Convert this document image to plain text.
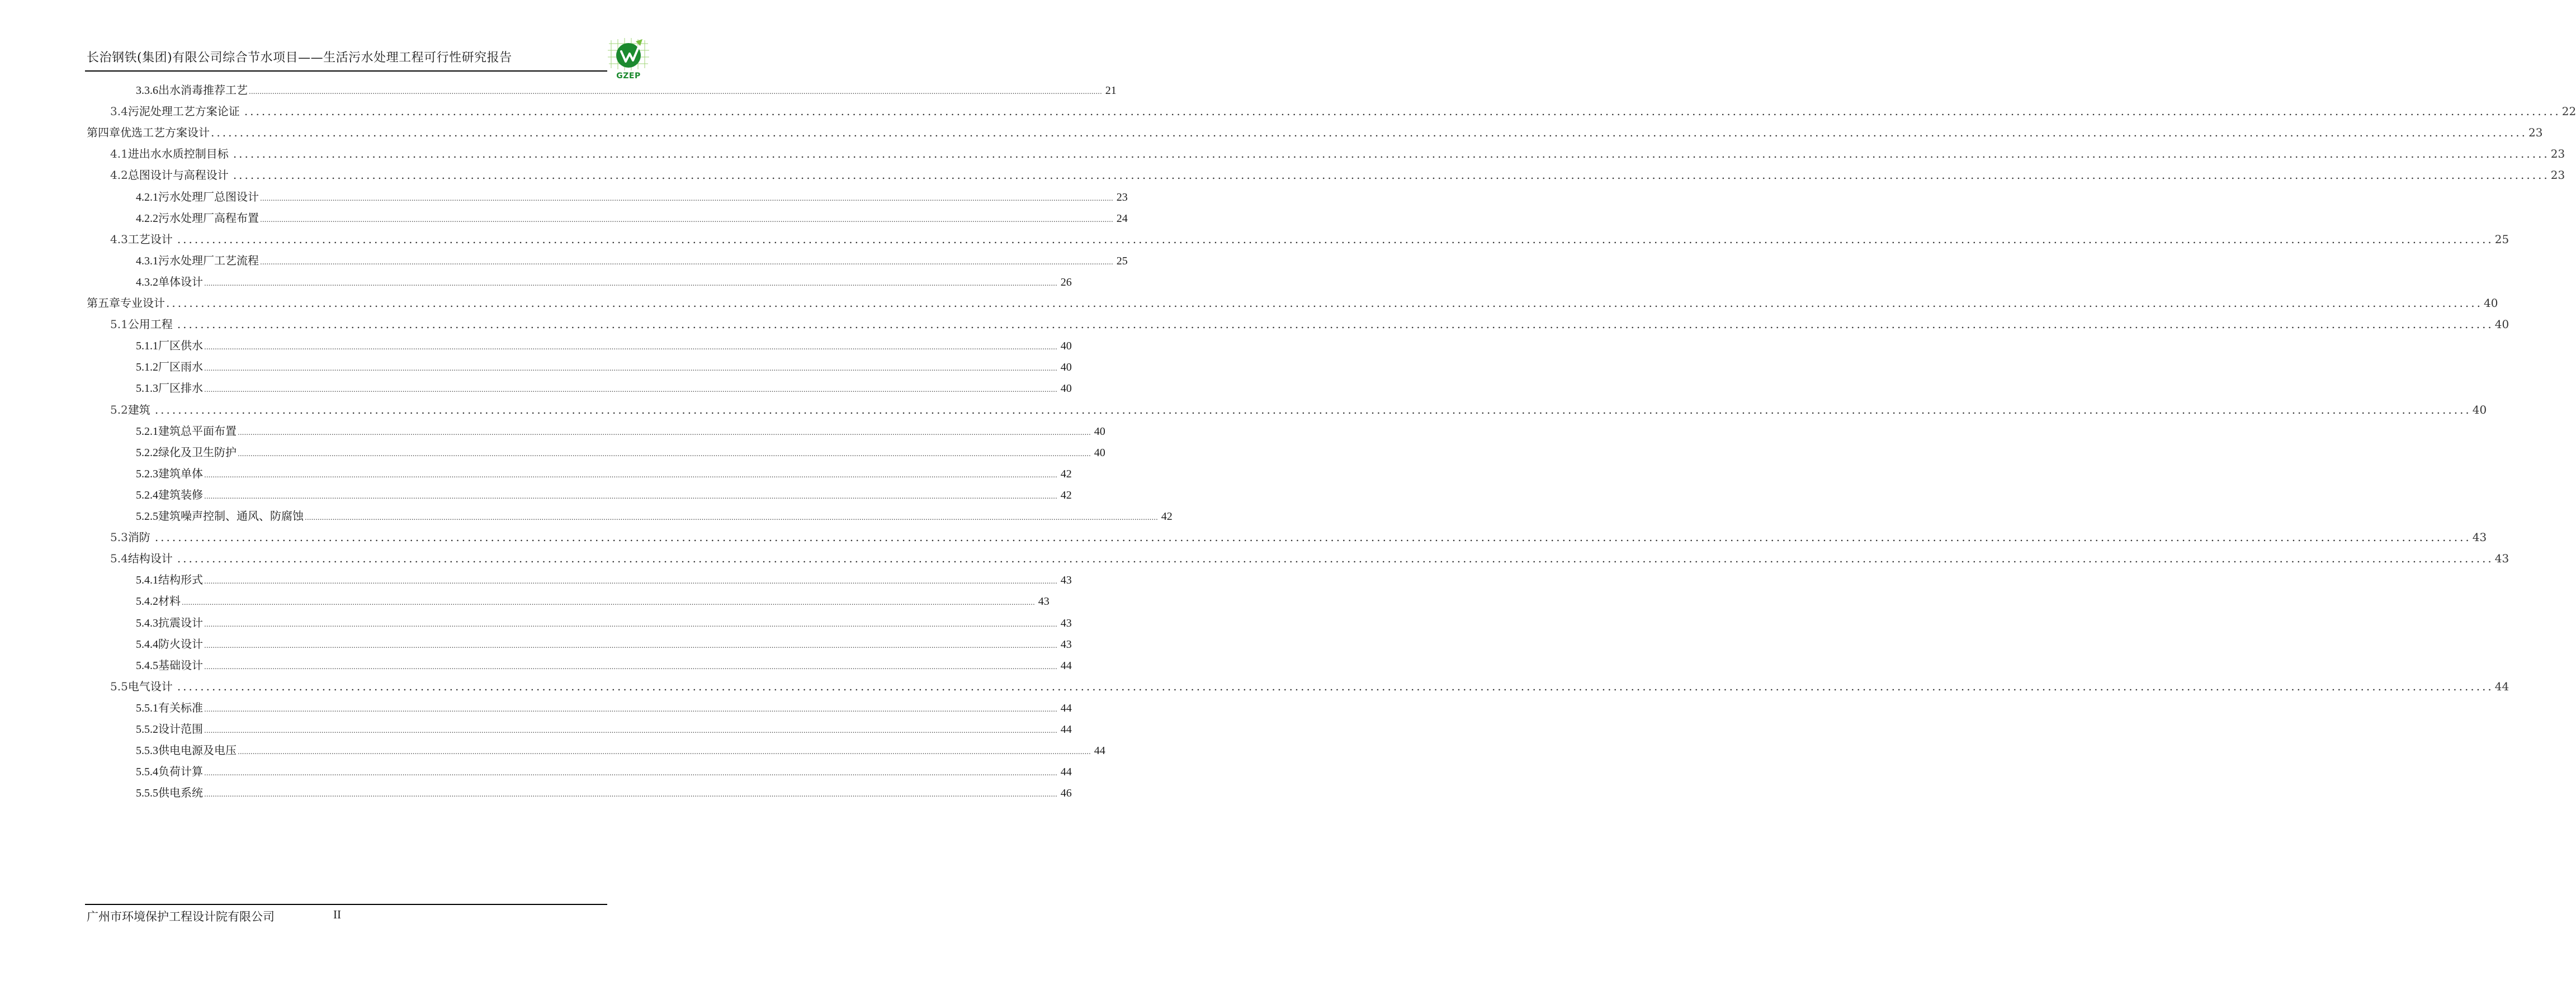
长治钢铁(集团)有限公司综合节水项目——生活污水处理工程可行性研究报告
GZEP
3.3.6 出水消毒推荐工艺 ................................................................................................................................................................................................................................................................................................................................................................................................................ 21
3.4 污泥处理工艺方案论证 ................................................................................................................................................................................................................................................................................................................................................................................................................ 22
第四章 优选工艺方案设计 ................................................................................................................................................................................................................................................................................................................................................................................................................ 23
4.1 进出水水质控制目标 ................................................................................................................................................................................................................................................................................................................................................................................................................ 23
4.2 总图设计与高程设计 ................................................................................................................................................................................................................................................................................................................................................................................................................ 23
4.2.1 污水处理厂总图设计 ................................................................................................................................................................................................................................................................................................................................................................................................................ 23
4.2.2 污水处理厂高程布置 ................................................................................................................................................................................................................................................................................................................................................................................................................ 24
4.3 工艺设计 ................................................................................................................................................................................................................................................................................................................................................................................................................ 25
4.3.1 污水处理厂工艺流程 ................................................................................................................................................................................................................................................................................................................................................................................................................ 25
4.3.2 单体设计 ................................................................................................................................................................................................................................................................................................................................................................................................................ 26
第五章 专业设计 ................................................................................................................................................................................................................................................................................................................................................................................................................ 40
5.1 公用工程 ................................................................................................................................................................................................................................................................................................................................................................................................................ 40
5.1.1 厂区供水 ................................................................................................................................................................................................................................................................................................................................................................................................................ 40
5.1.2 厂区雨水 ................................................................................................................................................................................................................................................................................................................................................................................................................ 40
5.1.3 厂区排水 ................................................................................................................................................................................................................................................................................................................................................................................................................ 40
5.2 建筑 ................................................................................................................................................................................................................................................................................................................................................................................................................ 40
5.2.1 建筑总平面布置 ................................................................................................................................................................................................................................................................................................................................................................................................................ 40
5.2.2 绿化及卫生防护 ................................................................................................................................................................................................................................................................................................................................................................................................................ 40
5.2.3 建筑单体 ................................................................................................................................................................................................................................................................................................................................................................................................................ 42
5.2.4 建筑装修 ................................................................................................................................................................................................................................................................................................................................................................................................................ 42
5.2.5 建筑噪声控制、通风、防腐蚀 ................................................................................................................................................................................................................................................................................................................................................................................................................ 42
5.3 消防 ................................................................................................................................................................................................................................................................................................................................................................................................................ 43
5.4 结构设计 ................................................................................................................................................................................................................................................................................................................................................................................................................ 43
5.4.1 结构形式 ................................................................................................................................................................................................................................................................................................................................................................................................................ 43
5.4.2 材料 ................................................................................................................................................................................................................................................................................................................................................................................................................ 43
5.4.3 抗震设计 ................................................................................................................................................................................................................................................................................................................................................................................................................ 43
5.4.4 防火设计 ................................................................................................................................................................................................................................................................................................................................................................................................................ 43
5.4.5 基础设计 ................................................................................................................................................................................................................................................................................................................................................................................................................ 44
5.5 电气设计 ................................................................................................................................................................................................................................................................................................................................................................................................................ 44
5.5.1 有关标准 ................................................................................................................................................................................................................................................................................................................................................................................................................ 44
5.5.2 设计范围 ................................................................................................................................................................................................................................................................................................................................................................................................................ 44
5.5.3 供电电源及电压 ................................................................................................................................................................................................................................................................................................................................................................................................................ 44
5.5.4 负荷计算 ................................................................................................................................................................................................................................................................................................................................................................................................................ 44
5.5.5 供电系统 ................................................................................................................................................................................................................................................................................................................................................................................................................ 46
广州市环境保护工程设计院有限公司	II
